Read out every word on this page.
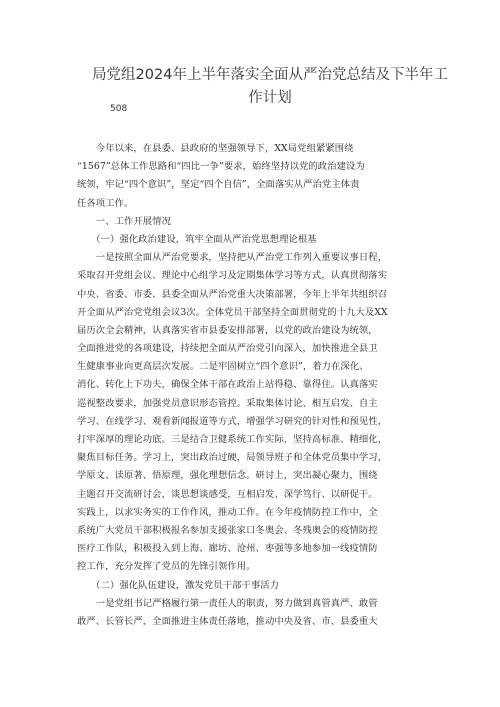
局党组2024年上半年落实全面从严治党总结及下半年工作计划
508
　　今年以来，在县委、县政府的坚强领导下，XX局党组紧紧围绕
“1567”总体工作思路和“四比一争”要求，始终坚持以党的政治建设为
统领，牢记“四个意识”，坚定“四个自信”，全面落实从严治党主体责
任各项工作。
　　一、工作开展情况
　　（一）强化政治建设，筑牢全面从严治党思想理论根基
　　一是按照全面从严治党要求，坚持把从严治党工作列入重要议事日程，
采取召开党组会议、理论中心组学习及定期集体学习等方式，认真贯彻落实
中央、省委、市委、县委全面从严治党重大决策部署，今年上半年共组织召
开全面从严治党党组会议3次。全体党员干部坚持全面贯彻党的十九大及XX
届历次全会精神，认真落实省市县委安排部署，以党的政治建设为统领，
全面推进党的各项建设，持续把全面从严治党引向深入，加快推进全县卫
生健康事业向更高层次发展。二是牢固树立“四个意识”，着力在深化、
消化、转化上下功夫，确保全体干部在政治上站得稳、靠得住。认真落实
巡视整改要求，加强党员意识形态管控。采取集体讨论、相互启发、自主
学习、在线学习、观看新闻报道等方式，增强学习研究的针对性和预见性，
打牢深厚的理论功底。三是结合卫健系统工作实际，坚持高标准、精细化，
聚焦目标任务。学习上，突出政治过硬，局领导班子和全体党员集中学习，
学原文、读原著、悟原理，强化理想信念。研讨上，突出凝心聚力，围绕
主题召开交流研讨会，谈思想谈感受，互相启发、深学笃行、以研促干。
实践上，以求实务实的工作作风，推动工作。在今年疫情防控工作中，全
系统广大党员干部积极报名参加支援张家口冬奥会、冬残奥会的疫情防控
医疗工作队，积极投入到上海、廊坊、沧州、枣强等多地参加一线疫情防
控工作，充分发挥了党员的先锋引领作用。
　　（二）强化队伍建设，激发党员干部干事活力
　　一是党组书记严格履行第一责任人的职责，努力做到真管真严、敢管
敢严、长管长严，全面推进主体责任落地，推动中央及省、市、县委重大
